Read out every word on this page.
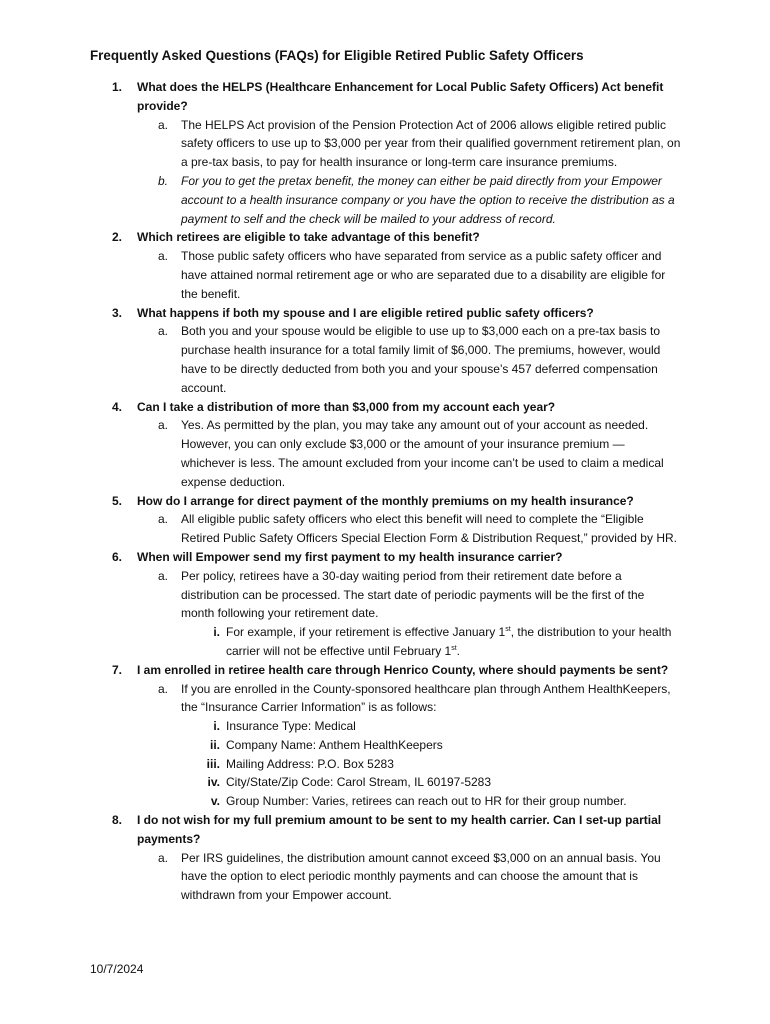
Frequently Asked Questions (FAQs) for Eligible Retired Public Safety Officers
1.	What does the HELPS (Healthcare Enhancement for Local Public Safety Officers) Act benefit provide?
a.	The HELPS Act provision of the Pension Protection Act of 2006 allows eligible retired public safety officers to use up to $3,000 per year from their qualified government retirement plan, on a pre-tax basis, to pay for health insurance or long-term care insurance premiums.
b.	For you to get the pretax benefit, the money can either be paid directly from your Empower account to a health insurance company or you have the option to receive the distribution as a payment to self and the check will be mailed to your address of record.
2.	Which retirees are eligible to take advantage of this benefit?
a.	Those public safety officers who have separated from service as a public safety officer and have attained normal retirement age or who are separated due to a disability are eligible for the benefit.
3.	What happens if both my spouse and I are eligible retired public safety officers?
a.	Both you and your spouse would be eligible to use up to $3,000 each on a pre-tax basis to purchase health insurance for a total family limit of $6,000. The premiums, however, would have to be directly deducted from both you and your spouse’s 457 deferred compensation account.
4.	Can I take a distribution of more than $3,000 from my account each year?
a.	Yes. As permitted by the plan, you may take any amount out of your account as needed. However, you can only exclude $3,000 or the amount of your insurance premium — whichever is less. The amount excluded from your income can’t be used to claim a medical expense deduction.
5.	How do I arrange for direct payment of the monthly premiums on my health insurance?
a.	All eligible public safety officers who elect this benefit will need to complete the “Eligible Retired Public Safety Officers Special Election Form & Distribution Request,” provided by HR.
6.	When will Empower send my first payment to my health insurance carrier?
a.	Per policy, retirees have a 30-day waiting period from their retirement date before a distribution can be processed. The start date of periodic payments will be the first of the month following your retirement date.
i. For example, if your retirement is effective January 1st, the distribution to your health carrier will not be effective until February 1st.
7.	I am enrolled in retiree health care through Henrico County, where should payments be sent?
a.	If you are enrolled in the County-sponsored healthcare plan through Anthem HealthKeepers, the “Insurance Carrier Information” is as follows:
i. Insurance Type: Medical
ii. Company Name: Anthem HealthKeepers
iii. Mailing Address: P.O. Box 5283
iv. City/State/Zip Code: Carol Stream, IL 60197-5283
v. Group Number: Varies, retirees can reach out to HR for their group number.
8.	I do not wish for my full premium amount to be sent to my health carrier. Can I set-up partial payments?
a.	Per IRS guidelines, the distribution amount cannot exceed $3,000 on an annual basis. You have the option to elect periodic monthly payments and can choose the amount that is withdrawn from your Empower account.
10/7/2024
